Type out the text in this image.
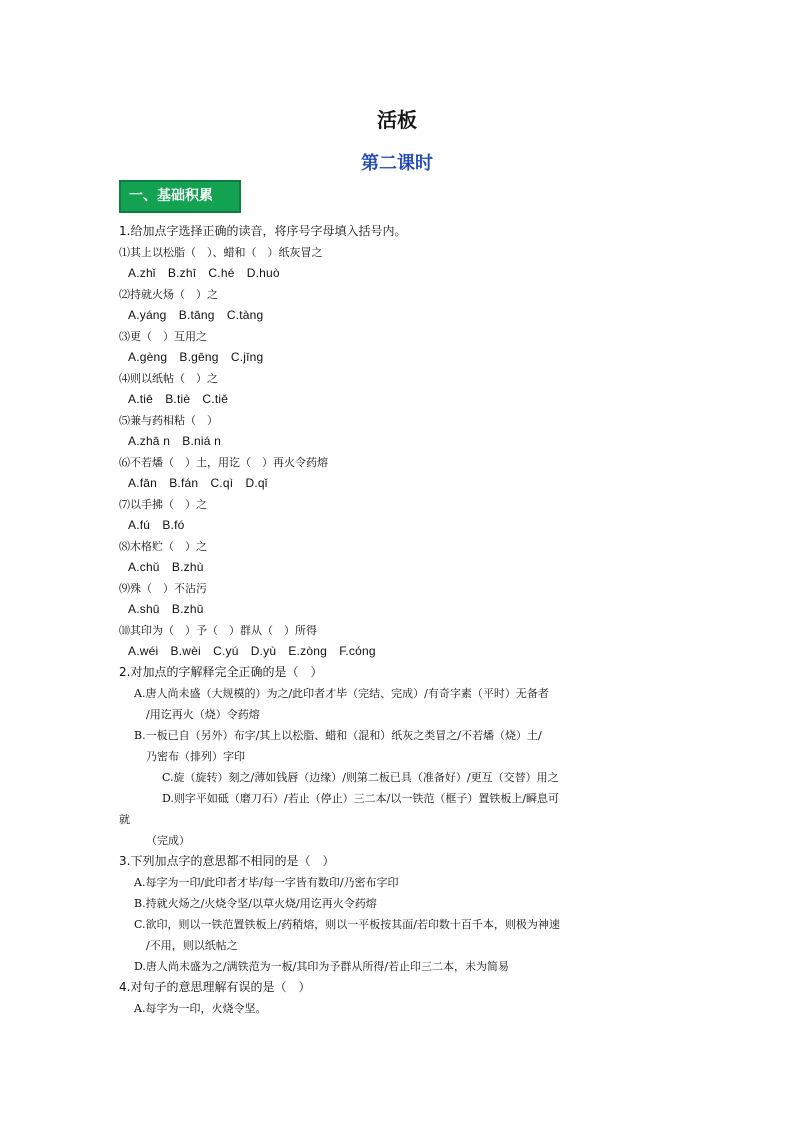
活板
第二课时
一、基础积累
1.给加点字选择正确的读音，将序号字母填入括号内。
⑴其上以松脂（　）、蜡和（　）纸灰冒之
A.zhǐ　B.zhī　C.hé　D.huò
⑵持就火炀（　）之
A.yáng　B.tāng　C.tàng
⑶更（　）互用之
A.gèng　B.gēng　C.jīng
⑷则以纸帖（　）之
A.tiē　B.tiè　C.tiě
⑸兼与药相粘（　）
A.zhā n　B.niá n
⑹不若燔（　）土，用讫（　）再火令药熔
A.fān　B.fán　C.qì　D.qǐ
⑺以手拂（　）之
A.fú　B.fó
⑻木格贮（　）之
A.chǔ　B.zhù
⑼殊（　）不沾污
A.shū　B.zhū
⑽其印为（　）予（　）群从（　）所得
A.wéi　B.wèi　C.yú　D.yù　E.zòng　F.cóng
2.对加点的字解释完全正确的是（　）
A.唐人尚未盛（大规模的）为之/此印者才毕（完结、完成）/有奇字素（平时）无备者
/用讫再火（烧）令药熔
B.一板已自（另外）布字/其上以松脂、蜡和（混和）纸灰之类冒之/不若燔（烧）土/
乃密布（排列）字印
C.旋（旋转）刻之/薄如钱唇（边缘）/则第二板已具（准备好）/更互（交替）用之
D.则字平如砥（磨刀石）/若止（停止）三二本/以一铁范（框子）置铁板上/瞬息可
就
（完成）
3.下列加点字的意思都不相同的是（　）
A.每字为一印/此印者才毕/每一字皆有数印/乃密布字印
B.持就火炀之/火烧令坚/以草火烧/用讫再火令药熔
C.欲印，则以一铁范置铁板上/药稍熔，则以一平板按其面/若印数十百千本，则极为神速
/不用，则以纸帖之
D.唐人尚未盛为之/满铁范为一板/其印为予群从所得/若止印三二本，未为简易
4.对句子的意思理解有误的是（　）
A.每字为一印，火烧令坚。
